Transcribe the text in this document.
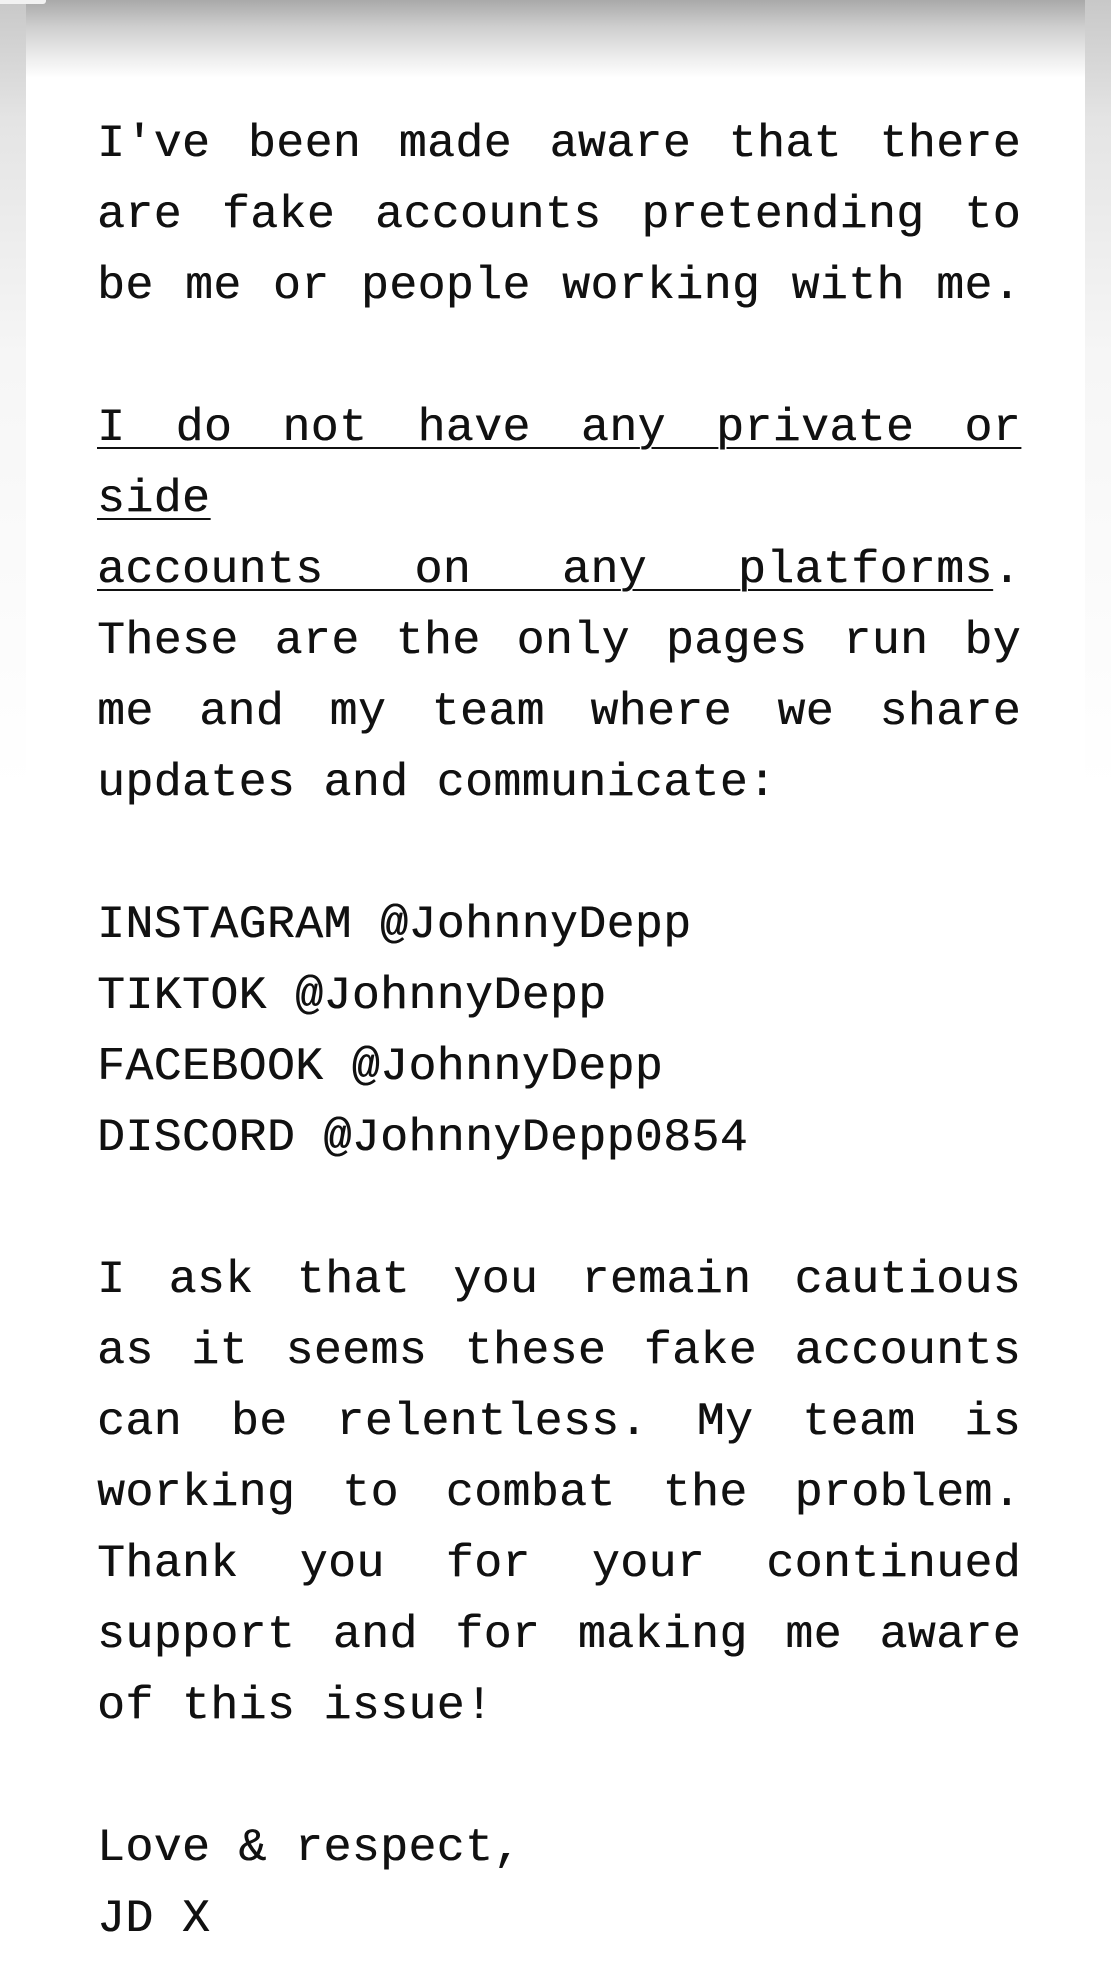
I've been made aware that there
are fake accounts pretending to
be me or people working with me.
I do not have any private or side
accounts on any platforms.
These are the only pages run by
me and my team where we share
updates and communicate:
INSTAGRAM @JohnnyDepp
TIKTOK @JohnnyDepp
FACEBOOK @JohnnyDepp
DISCORD @JohnnyDepp0854
I ask that you remain cautious
as it seems these fake accounts
can be relentless. My team is
working to combat the problem.
Thank you for your continued
support and for making me aware
of this issue!
Love & respect,
JD X
